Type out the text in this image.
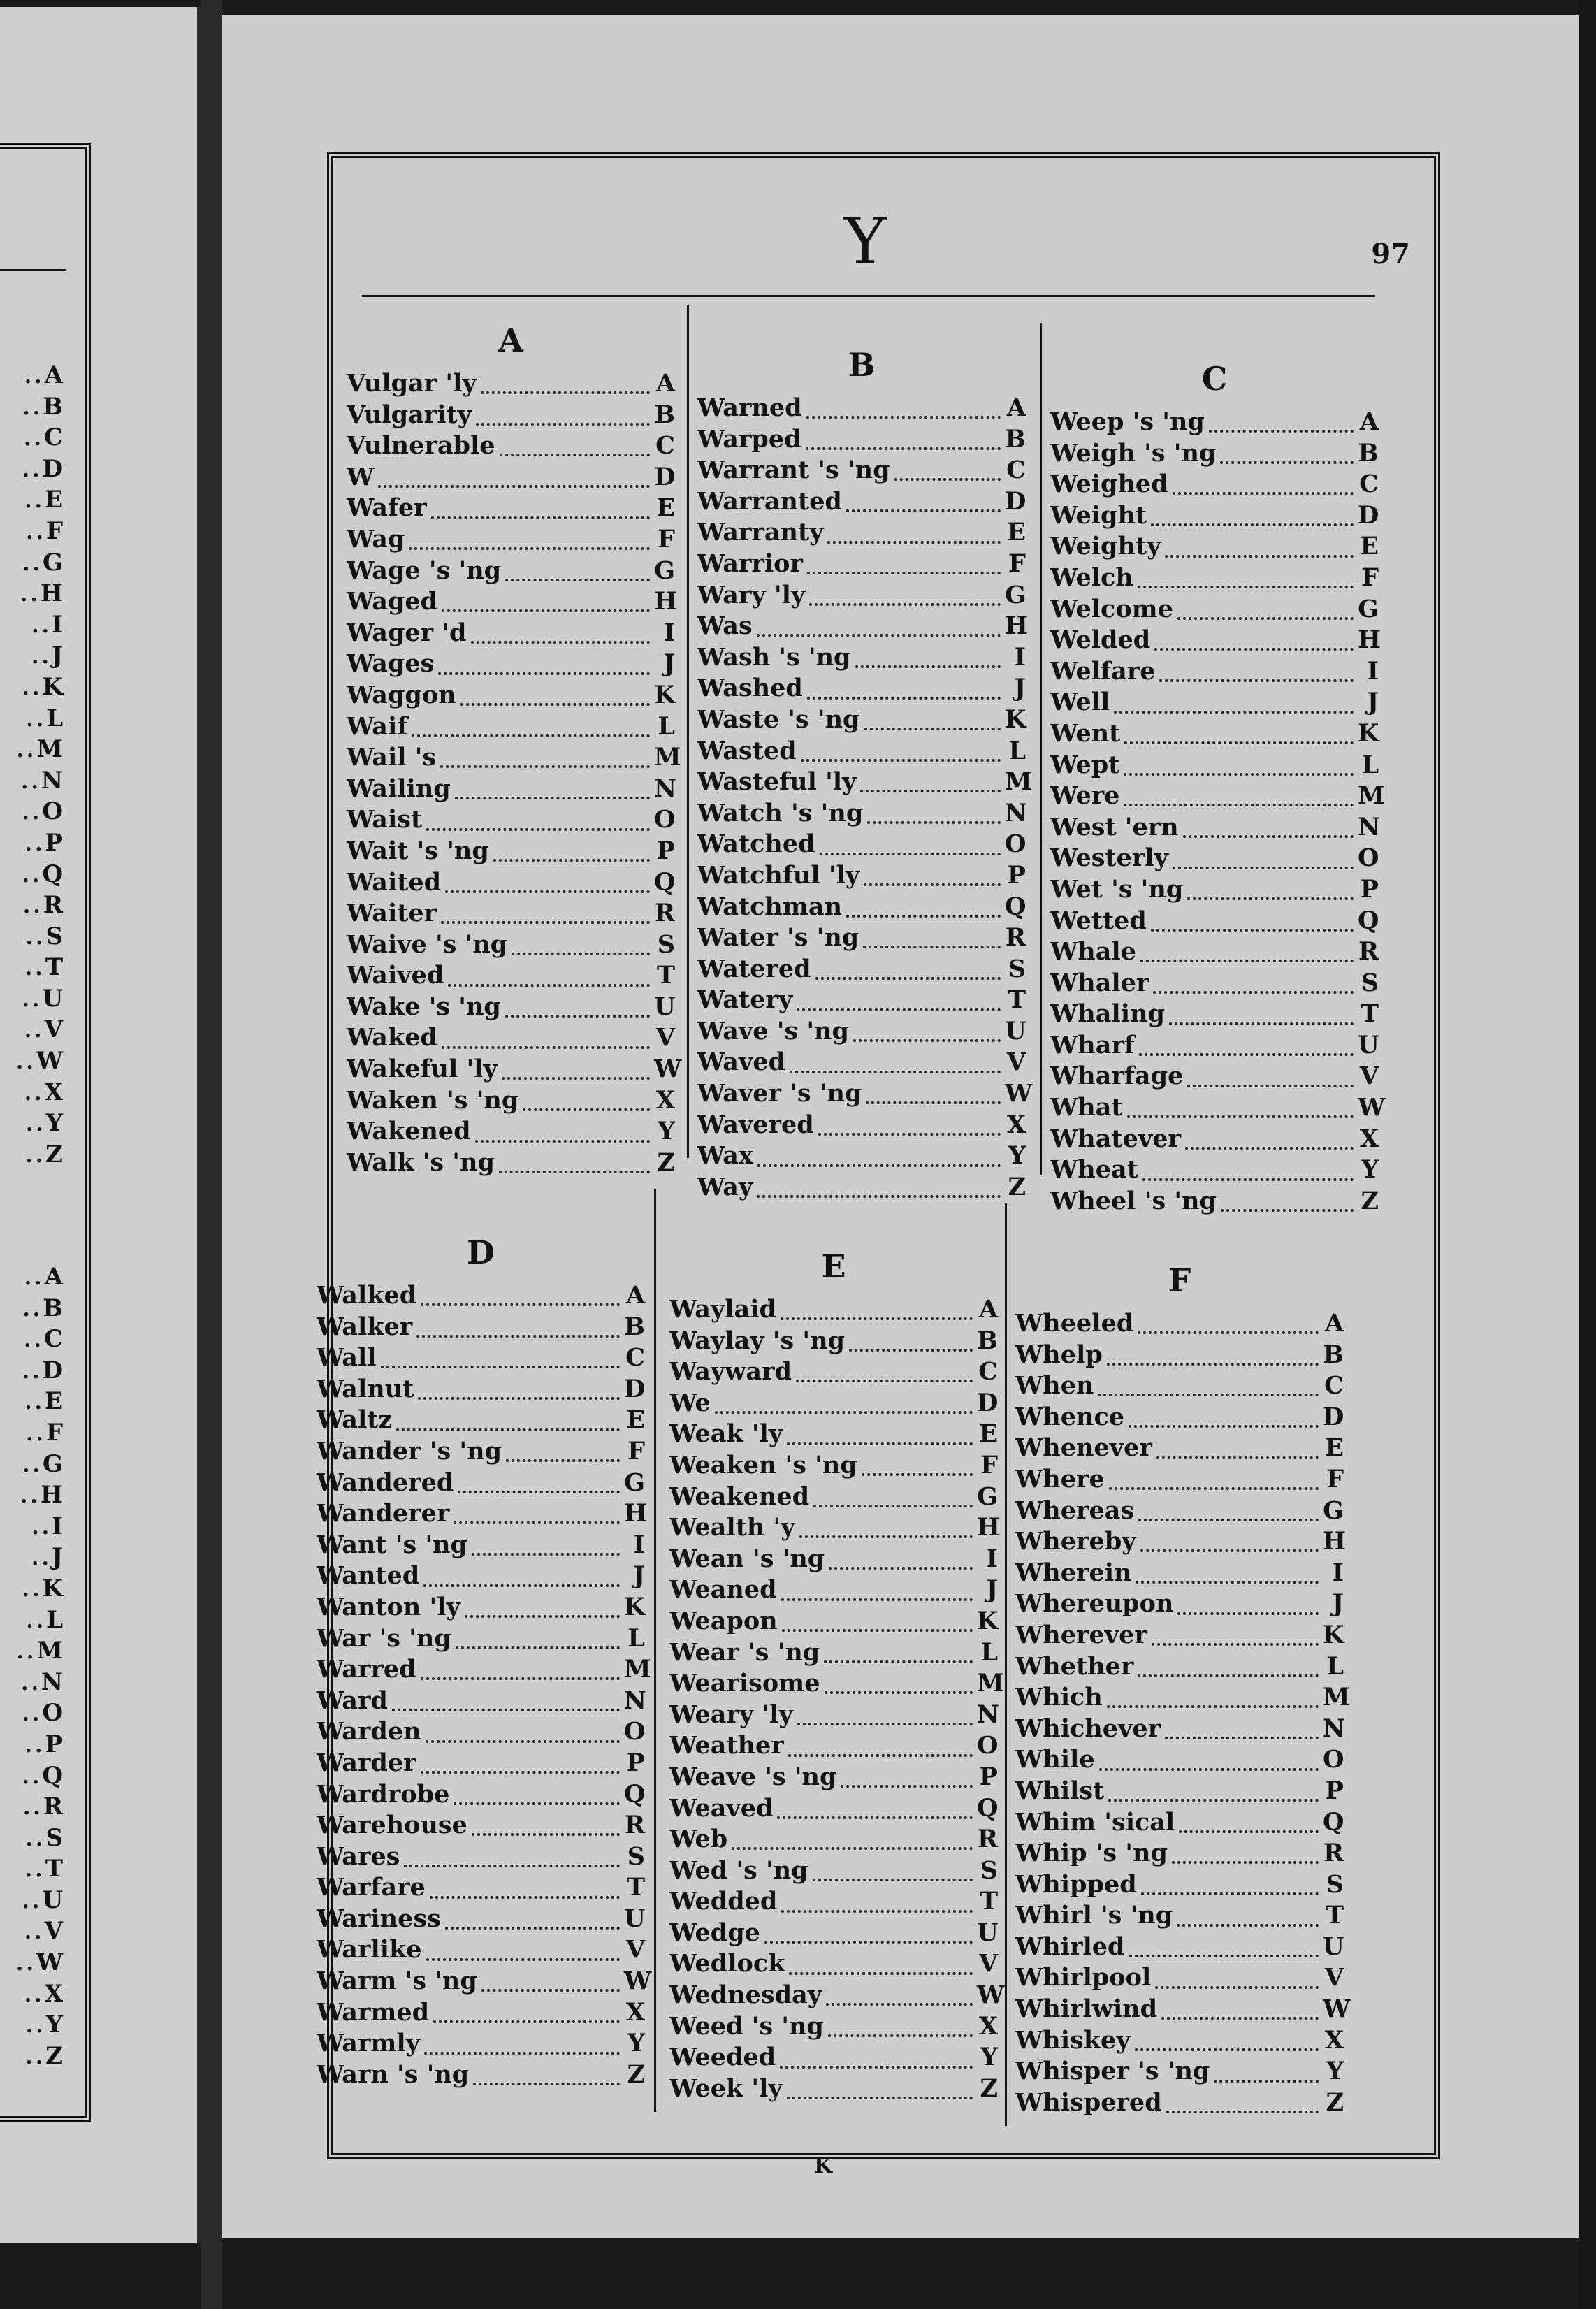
..A
..B
..C
..D
..E
..F
..G
..H
..I
..J
..K
..L
..M
..N
..O
..P
..Q
..R
..S
..T
..U
..V
..W
..X
..Y
..Z
..A
..B
..C
..D
..E
..F
..G
..H
..I
..J
..K
..L
..M
..N
..O
..P
..Q
..R
..S
..T
..U
..V
..W
..X
..Y
..Z
Y	97
A
Vulgar 'ly	A
Vulgarity	B
Vulnerable	C
W	D
Wafer	E
Wag	F
Wage 's 'ng	G
Waged	H
Wager 'd	I
Wages	J
Waggon	K
Waif	L
Wail 's	M
Wailing	N
Waist	O
Wait 's 'ng	P
Waited	Q
Waiter	R
Waive 's 'ng	S
Waived	T
Wake 's 'ng	U
Waked	V
Wakeful 'ly	W
Waken 's 'ng	X
Wakened	Y
Walk 's 'ng	Z
B
Warned	A
Warped	B
Warrant 's 'ng	C
Warranted	D
Warranty	E
Warrior	F
Wary 'ly	G
Was	H
Wash 's 'ng	I
Washed	J
Waste 's 'ng	K
Wasted	L
Wasteful 'ly	M
Watch 's 'ng	N
Watched	O
Watchful 'ly	P
Watchman	Q
Water 's 'ng	R
Watered	S
Watery	T
Wave 's 'ng	U
Waved	V
Waver 's 'ng	W
Wavered	X
Wax	Y
Way	Z
C
Weep 's 'ng	A
Weigh 's 'ng	B
Weighed	C
Weight	D
Weighty	E
Welch	F
Welcome	G
Welded	H
Welfare	I
Well	J
Went	K
Wept	L
Were	M
West 'ern	N
Westerly	O
Wet 's 'ng	P
Wetted	Q
Whale	R
Whaler	S
Whaling	T
Wharf	U
Wharfage	V
What	W
Whatever	X
Wheat	Y
Wheel 's 'ng	Z
D
Walked	A
Walker	B
Wall	C
Walnut	D
Waltz	E
Wander 's 'ng	F
Wandered	G
Wanderer	H
Want 's 'ng	I
Wanted	J
Wanton 'ly	K
War 's 'ng	L
Warred	M
Ward	N
Warden	O
Warder	P
Wardrobe	Q
Warehouse	R
Wares	S
Warfare	T
Wariness	U
Warlike	V
Warm 's 'ng	W
Warmed	X
Warmly	Y
Warn 's 'ng	Z
E
Waylaid	A
Waylay 's 'ng	B
Wayward	C
We	D
Weak 'ly	E
Weaken 's 'ng	F
Weakened	G
Wealth 'y	H
Wean 's 'ng	I
Weaned	J
Weapon	K
Wear 's 'ng	L
Wearisome	M
Weary 'ly	N
Weather	O
Weave 's 'ng	P
Weaved	Q
Web	R
Wed 's 'ng	S
Wedded	T
Wedge	U
Wedlock	V
Wednesday	W
Weed 's 'ng	X
Weeded	Y
Week 'ly	Z
F
Wheeled	A
Whelp	B
When	C
Whence	D
Whenever	E
Where	F
Whereas	G
Whereby	H
Wherein	I
Whereupon	J
Wherever	K
Whether	L
Which	M
Whichever	N
While	O
Whilst	P
Whim 'sical	Q
Whip 's 'ng	R
Whipped	S
Whirl 's 'ng	T
Whirled	U
Whirlpool	V
Whirlwind	W
Whiskey	X
Whisper 's 'ng	Y
Whispered	Z
K
